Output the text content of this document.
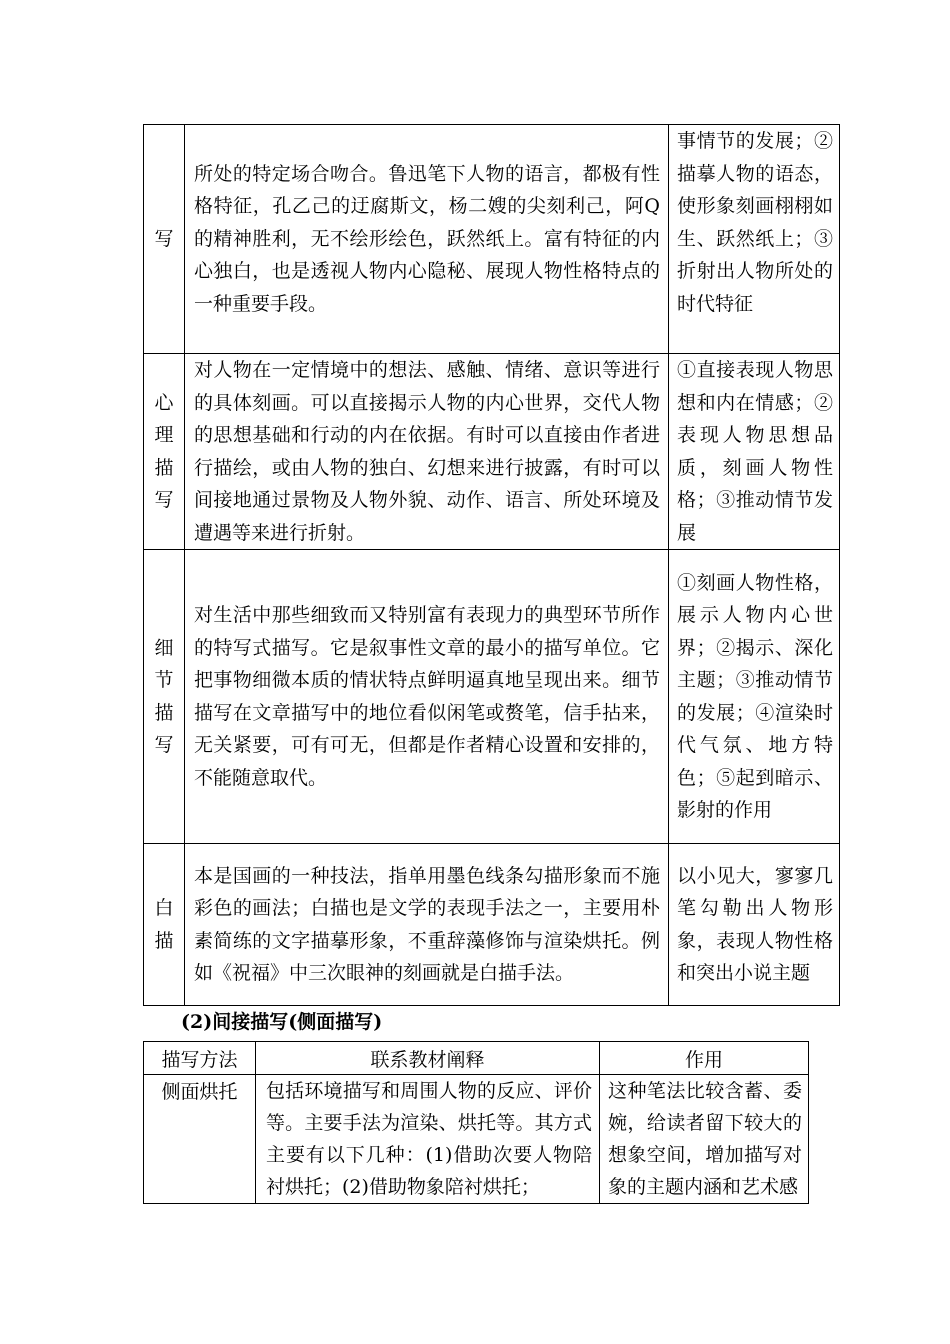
写	所处的特定场合吻合。鲁迅笔下人物的语言，都极有性格特征，孔乙己的迂腐斯文，杨二嫂的尖刻利己，阿Q的精神胜利，无不绘形绘色，跃然纸上。富有特征的内心独白，也是透视人物内心隐秘、展现人物性格特点的一种重要手段。	事情节的发展；②描摹人物的语态，使形象刻画栩栩如生、跃然纸上；③折射出人物所处的时代特征

心理描写	对人物在一定情境中的想法、感触、情绪、意识等进行的具体刻画。可以直接揭示人物的内心世界，交代人物的思想基础和行动的内在依据。有时可以直接由作者进行描绘，或由人物的独白、幻想来进行披露，有时可以间接地通过景物及人物外貌、动作、语言、所处环境及遭遇等来进行折射。	①直接表现人物思想和内在情感；②表现人物思想品质，刻画人物性格；③推动情节发展

细节描写	对生活中那些细致而又特别富有表现力的典型环节所作的特写式描写。它是叙事性文章的最小的描写单位。它把事物细微本质的情状特点鲜明逼真地呈现出来。细节描写在文章描写中的地位看似闲笔或赘笔，信手拈来，无关紧要，可有可无，但都是作者精心设置和安排的，不能随意取代。	①刻画人物性格，展示人物内心世界；②揭示、深化主题；③推动情节的发展；④渲染时代气氛、地方特色；⑤起到暗示、影射的作用

白描	本是国画的一种技法，指单用墨色线条勾描形象而不施彩色的画法；白描也是文学的表现手法之一，主要用朴素简练的文字描摹形象，不重辞藻修饰与渲染烘托。例如《祝福》中三次眼神的刻画就是白描手法。	以小见大，寥寥几笔勾勒出人物形象，表现人物性格和突出小说主题
(2)间接描写(侧面描写)
描写方法	联系教材阐释	作用

侧面烘托	包括环境描写和周围人物的反应、评价等。主要手法为渲染、烘托等。其方式主要有以下几种：(1)借助次要人物陪衬烘托；(2)借助物象陪衬烘托；	这种笔法比较含蓄、委婉，给读者留下较大的想象空间，增加描写对象的主题内涵和艺术感
